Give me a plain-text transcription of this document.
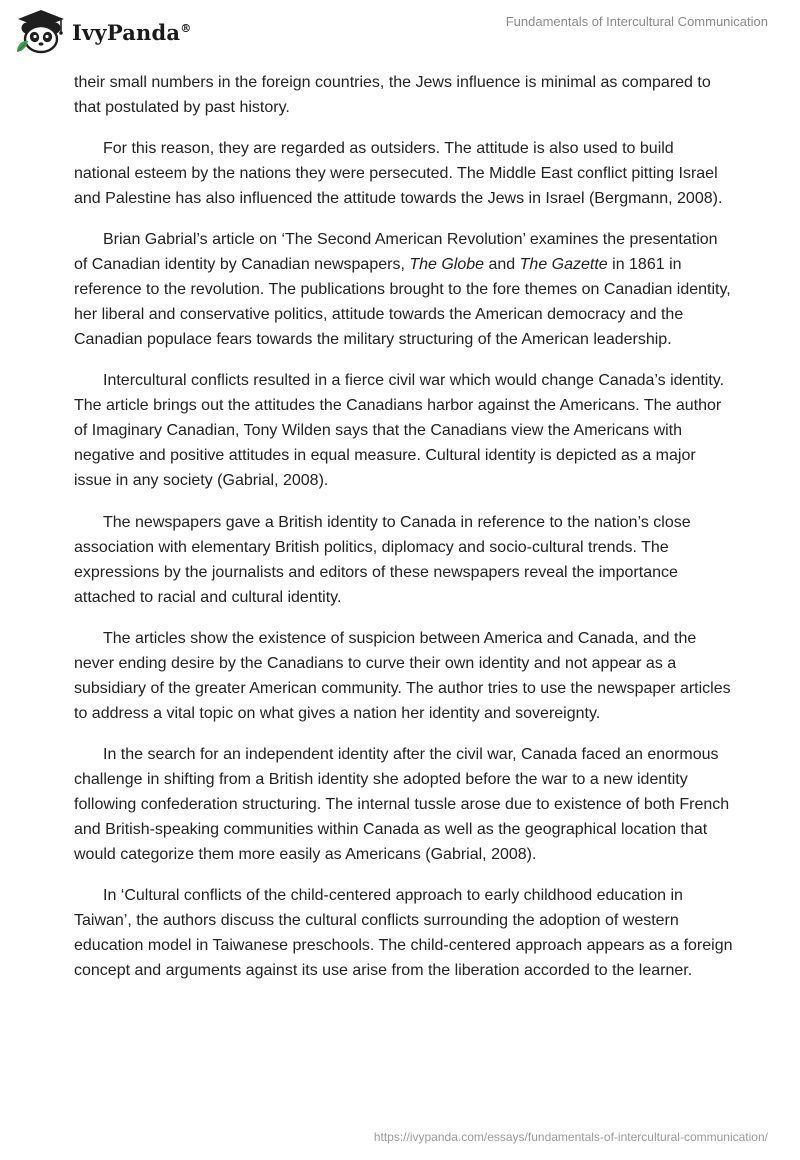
IvyPanda®	Fundamentals of Intercultural Communication

their small numbers in the foreign countries, the Jews influence is minimal as compared to that postulated by past history.

For this reason, they are regarded as outsiders. The attitude is also used to build national esteem by the nations they were persecuted. The Middle East conflict pitting Israel and Palestine has also influenced the attitude towards the Jews in Israel (Bergmann, 2008).

Brian Gabrial’s article on ‘The Second American Revolution’ examines the presentation of Canadian identity by Canadian newspapers, The Globe and The Gazette in 1861 in reference to the revolution. The publications brought to the fore themes on Canadian identity, her liberal and conservative politics, attitude towards the American democracy and the Canadian populace fears towards the military structuring of the American leadership.

Intercultural conflicts resulted in a fierce civil war which would change Canada’s identity. The article brings out the attitudes the Canadians harbor against the Americans. The author of Imaginary Canadian, Tony Wilden says that the Canadians view the Americans with negative and positive attitudes in equal measure. Cultural identity is depicted as a major issue in any society (Gabrial, 2008).

The newspapers gave a British identity to Canada in reference to the nation’s close association with elementary British politics, diplomacy and socio-cultural trends. The expressions by the journalists and editors of these newspapers reveal the importance attached to racial and cultural identity.

The articles show the existence of suspicion between America and Canada, and the never ending desire by the Canadians to curve their own identity and not appear as a subsidiary of the greater American community. The author tries to use the newspaper articles to address a vital topic on what gives a nation her identity and sovereignty.

In the search for an independent identity after the civil war, Canada faced an enormous challenge in shifting from a British identity she adopted before the war to a new identity following confederation structuring. The internal tussle arose due to existence of both French and British-speaking communities within Canada as well as the geographical location that would categorize them more easily as Americans (Gabrial, 2008).

In ‘Cultural conflicts of the child-centered approach to early childhood education in Taiwan’, the authors discuss the cultural conflicts surrounding the adoption of western education model in Taiwanese preschools. The child-centered approach appears as a foreign concept and arguments against its use arise from the liberation accorded to the learner.

https://ivypanda.com/essays/fundamentals-of-intercultural-communication/
